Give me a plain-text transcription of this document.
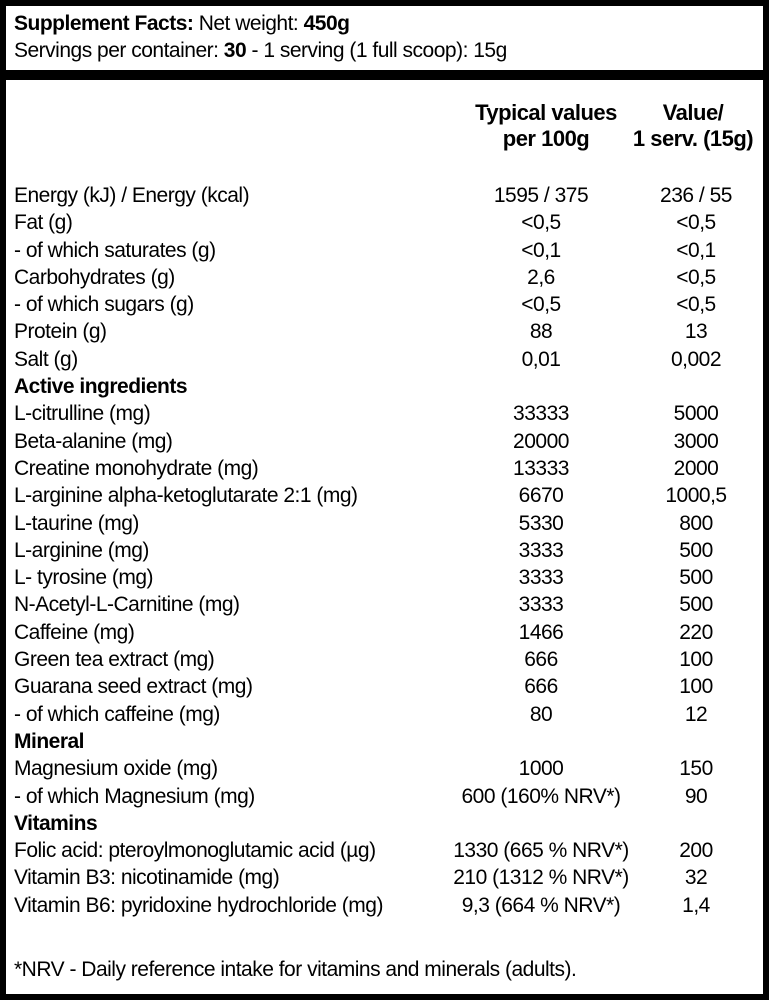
Supplement Facts: Net weight: 450g
Servings per container: 30 - 1 serving (1 full scoop): 15g
Typical values
per 100g
Value/
1 serv. (15g)
Energy (kJ) / Energy (kcal)	1595 / 375	236 / 55
Fat (g)	<0,5	<0,5
- of which saturates (g)	<0,1	<0,1
Carbohydrates (g)	2,6	<0,5
- of which sugars (g)	<0,5	<0,5
Protein (g)	88	13
Salt (g)	0,01	0,002
Active ingredients
L-citrulline (mg)	33333	5000
Beta-alanine (mg)	20000	3000
Creatine monohydrate (mg)	13333	2000
L-arginine alpha-ketoglutarate 2:1 (mg)	6670	1000,5
L-taurine (mg)	5330	800
L-arginine (mg)	3333	500
L- tyrosine (mg)	3333	500
N-Acetyl-L-Carnitine (mg)	3333	500
Caffeine (mg)	1466	220
Green tea extract (mg)	666	100
Guarana seed extract (mg)	666	100
- of which caffeine (mg)	80	12
Mineral
Magnesium oxide (mg)	1000	150
- of which Magnesium (mg)	600 (160% NRV*)	90
Vitamins
Folic acid: pteroylmonoglutamic acid (µg)	1330 (665 % NRV*)	200
Vitamin B3: nicotinamide (mg)	210 (1312 % NRV*)	32
Vitamin B6: pyridoxine hydrochloride (mg)	9,3 (664 % NRV*)	1,4
*NRV - Daily reference intake for vitamins and minerals (adults).
